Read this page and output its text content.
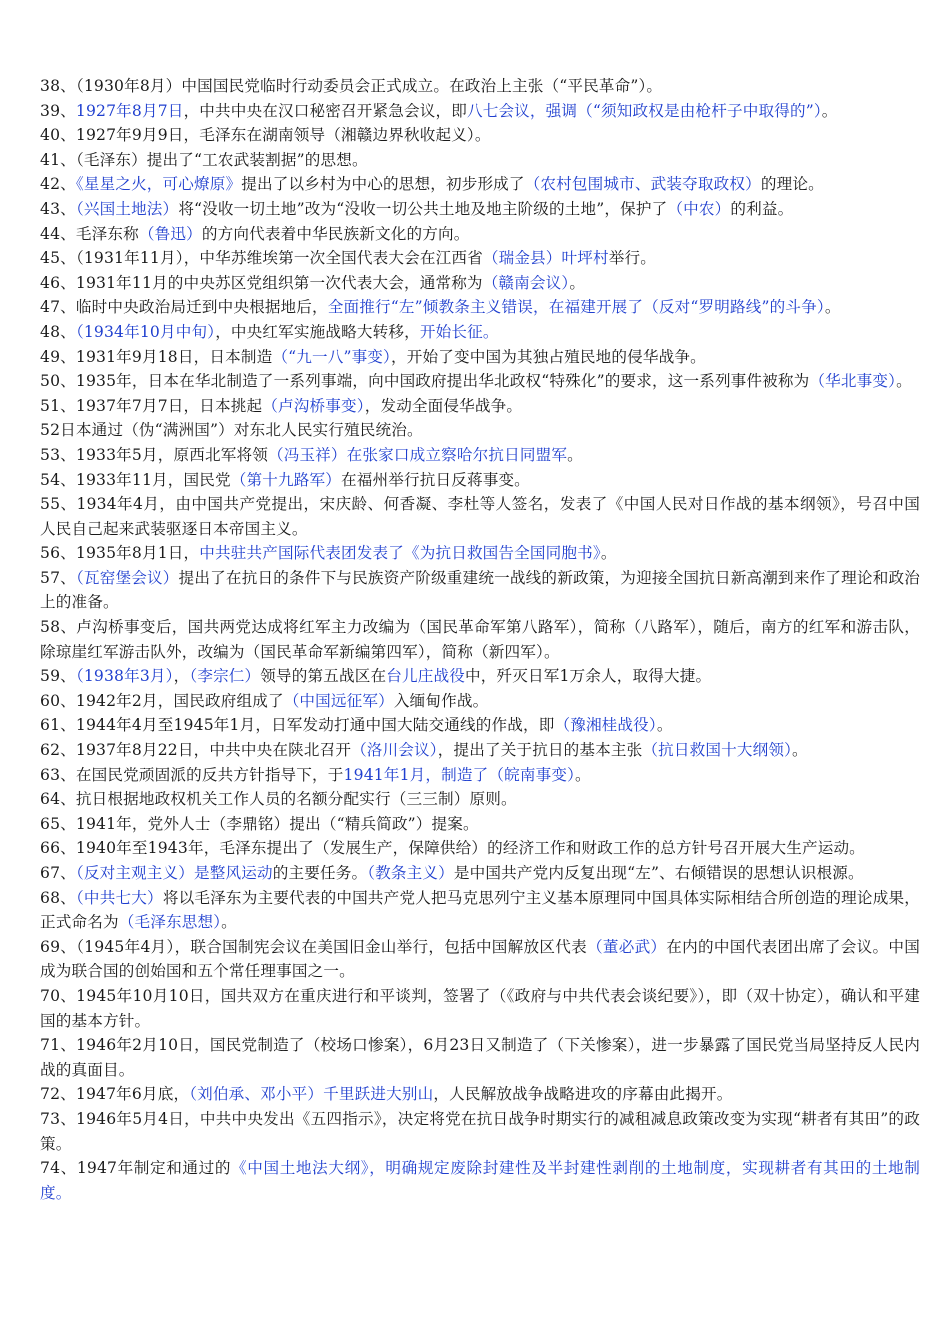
38、（1930年8月）中国国民党临时行动委员会正式成立。在政治上主张（“平民革命”）。

39、1927年8月7日，中共中央在汉口秘密召开紧急会议，即八七会议，强调（“须知政权是由枪杆子中取得的”）。

40、1927年9月9日，毛泽东在湖南领导（湘赣边界秋收起义）。

41、（毛泽东）提出了“工农武装割据”的思想。

42、《星星之火，可心燎原》提出了以乡村为中心的思想，初步形成了（农村包围城市、武装夺取政权）的理论。

43、（兴国土地法）将“没收一切土地”改为“没收一切公共土地及地主阶级的土地”，保护了（中农）的利益。

44、毛泽东称（鲁迅）的方向代表着中华民族新文化的方向。

45、（1931年11月），中华苏维埃第一次全国代表大会在江西省（瑞金县）叶坪村举行。

46、1931年11月的中央苏区党组织第一次代表大会，通常称为（赣南会议）。

47、临时中央政治局迁到中央根据地后，全面推行“左”倾教条主义错误，在福建开展了（反对“罗明路线”的斗争）。

48、（1934年10月中旬），中央红军实施战略大转移，开始长征。

49、1931年9月18日，日本制造（“九一八”事变），开始了变中国为其独占殖民地的侵华战争。

50、1935年，日本在华北制造了一系列事端，向中国政府提出华北政权“特殊化”的要求，这一系列事件被称为（华北事变）。

51、1937年7月7日，日本挑起（卢沟桥事变），发动全面侵华战争。

52日本通过（伪“满洲国”）对东北人民实行殖民统治。

53、1933年5月，原西北军将领（冯玉祥）在张家口成立察哈尔抗日同盟军。

54、1933年11月，国民党（第十九路军）在福州举行抗日反蒋事变。

55、1934年4月，由中国共产党提出，宋庆龄、何香凝、李杜等人签名，发表了《中国人民对日作战的基本纲领》，号召中国人民自己起来武装驱逐日本帝国主义。

56、1935年8月1日，中共驻共产国际代表团发表了《为抗日救国告全国同胞书》。

57、（瓦窑堡会议）提出了在抗日的条件下与民族资产阶级重建统一战线的新政策，为迎接全国抗日新高潮到来作了理论和政治上的准备。

58、卢沟桥事变后，国共两党达成将红军主力改编为（国民革命军第八路军），简称（八路军），随后，南方的红军和游击队，除琼崖红军游击队外，改编为（国民革命军新编第四军），简称（新四军）。

59、（1938年3月），（李宗仁）领导的第五战区在台儿庄战役中，歼灭日军1万余人，取得大捷。

60、1942年2月，国民政府组成了（中国远征军）入缅甸作战。

61、1944年4月至1945年1月，日军发动打通中国大陆交通线的作战，即（豫湘桂战役）。

62、1937年8月22日，中共中央在陕北召开（洛川会议），提出了关于抗日的基本主张（抗日救国十大纲领）。

63、在国民党顽固派的反共方针指导下，于1941年1月，制造了（皖南事变）。

64、抗日根据地政权机关工作人员的名额分配实行（三三制）原则。

65、1941年，党外人士（李鼎铭）提出（“精兵简政”）提案。

66、1940年至1943年，毛泽东提出了（发展生产，保障供给）的经济工作和财政工作的总方针号召开展大生产运动。

67、（反对主观主义）是整风运动的主要任务。（教条主义）是中国共产党内反复出现“左”、右倾错误的思想认识根源。

68、（中共七大）将以毛泽东为主要代表的中国共产党人把马克思列宁主义基本原理同中国具体实际相结合所创造的理论成果，正式命名为（毛泽东思想）。

69、（1945年4月），联合国制宪会议在美国旧金山举行，包括中国解放区代表（董必武）在内的中国代表团出席了会议。中国成为联合国的创始国和五个常任理事国之一。

70、1945年10月10日，国共双方在重庆进行和平谈判，签署了（《政府与中共代表会谈纪要》），即（双十协定），确认和平建国的基本方针。

71、1946年2月10日，国民党制造了（校场口惨案），6月23日又制造了（下关惨案），进一步暴露了国民党当局坚持反人民内战的真面目。

72、1947年6月底，（刘伯承、邓小平）千里跃进大别山，人民解放战争战略进攻的序幕由此揭开。

73、1946年5月4日，中共中央发出《五四指示》，决定将党在抗日战争时期实行的减租减息政策改变为实现“耕者有其田”的政策。

74、1947年制定和通过的《中国土地法大纲》，明确规定废除封建性及半封建性剥削的土地制度，实现耕者有其田的土地制度。
